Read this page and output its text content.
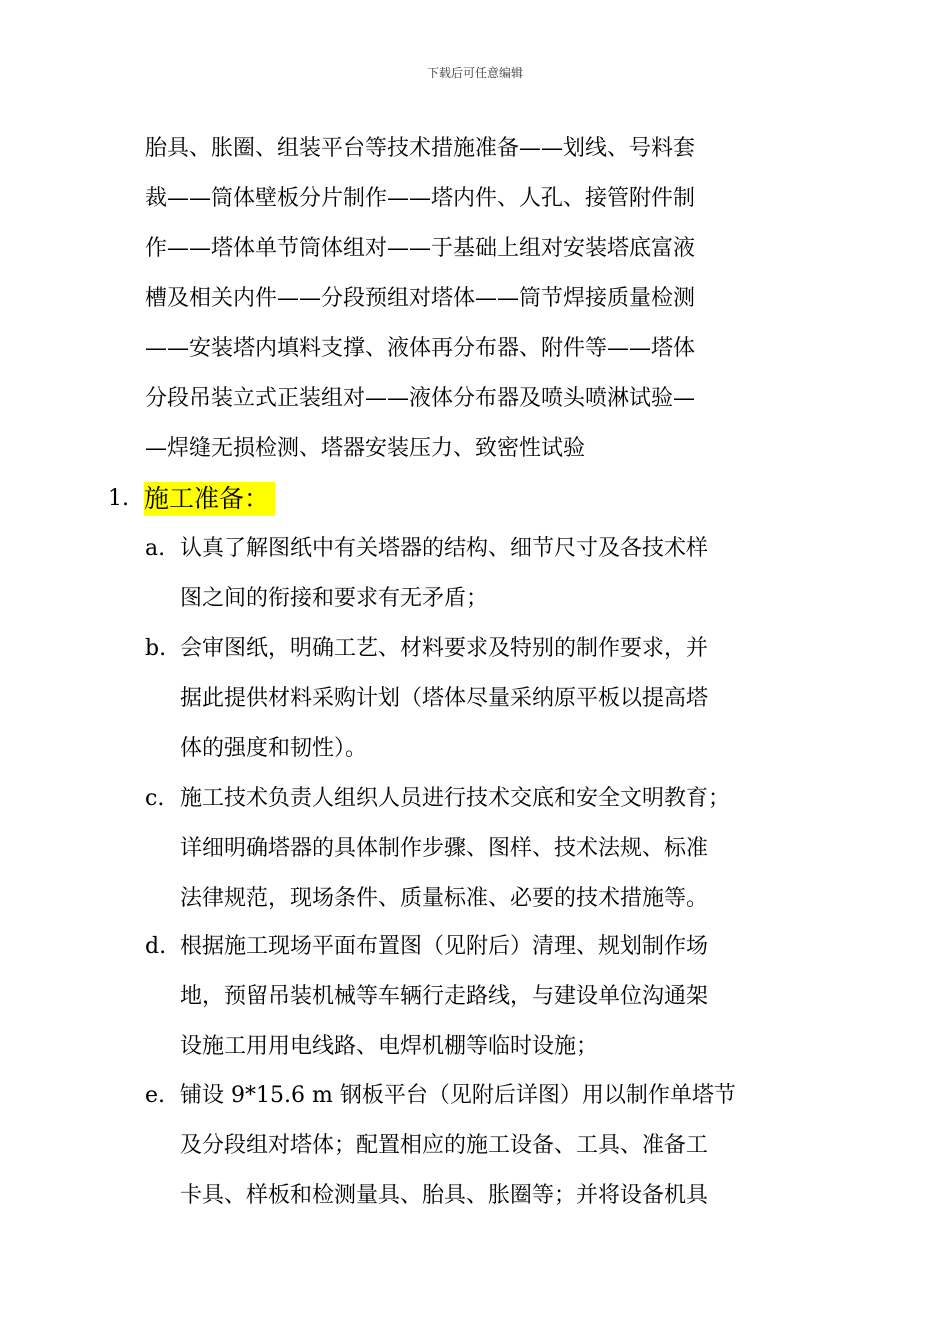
下载后可任意编辑
胎具、胀圈、组装平台等技术措施准备——划线、号料套
裁——筒体壁板分片制作——塔内件、人孔、接管附件制
作——塔体单节筒体组对——于基础上组对安装塔底富液
槽及相关内件——分段预组对塔体——筒节焊接质量检测
——安装塔内填料支撑、液体再分布器、附件等——塔体
分段吊装立式正装组对——液体分布器及喷头喷淋试验—
—焊缝无损检测、塔器安装压力、致密性试验
1. 施工准备：
a. 认真了解图纸中有关塔器的结构、细节尺寸及各技术样
图之间的衔接和要求有无矛盾；
b. 会审图纸，明确工艺、材料要求及特别的制作要求，并
据此提供材料采购计划（塔体尽量采纳原平板以提高塔
体的强度和韧性）。
c. 施工技术负责人组织人员进行技术交底和安全文明教育；
详细明确塔器的具体制作步骤、图样、技术法规、标准
法律规范，现场条件、质量标准、必要的技术措施等。
d. 根据施工现场平面布置图（见附后）清理、规划制作场
地，预留吊装机械等车辆行走路线，与建设单位沟通架
设施工用用电线路、电焊机棚等临时设施；
e. 铺设 9*15.6 m 钢板平台（见附后详图）用以制作单塔节
及分段组对塔体；配置相应的施工设备、工具、准备工
卡具、样板和检测量具、胎具、胀圈等；并将设备机具
